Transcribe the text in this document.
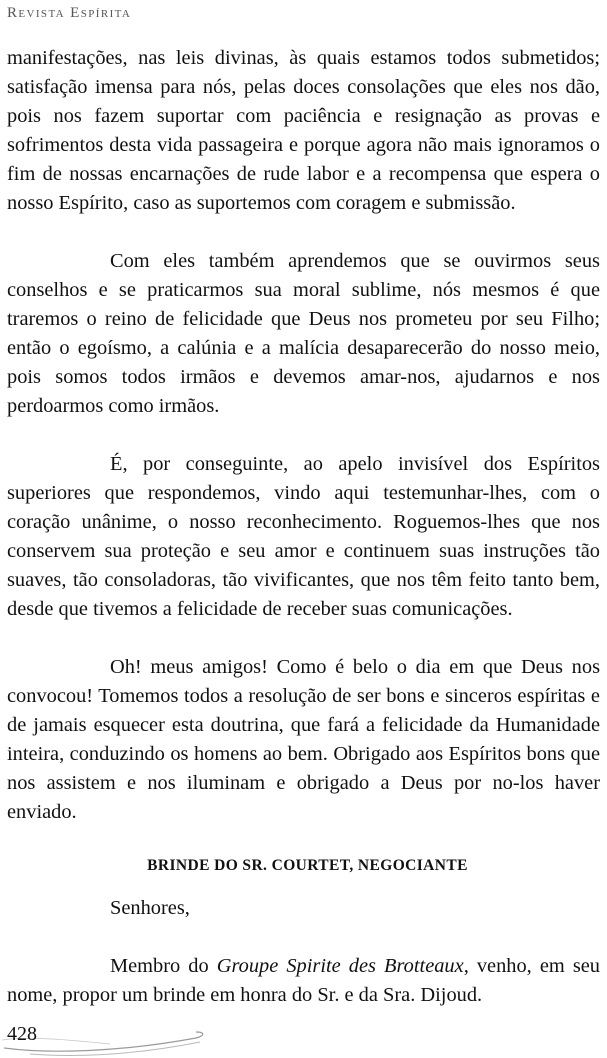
Revista Espírita

manifestações, nas leis divinas, às quais estamos todos submetidos; satisfação imensa para nós, pelas doces consolações que eles nos dão, pois nos fazem suportar com paciência e resignação as provas e sofrimentos desta vida passageira e porque agora não mais ignoramos o fim de nossas encarnações de rude labor e a recompensa que espera o nosso Espírito, caso as suportemos com coragem e submissão.

Com eles também aprendemos que se ouvirmos seus conselhos e se praticarmos sua moral sublime, nós mesmos é que traremos o reino de felicidade que Deus nos prometeu por seu Filho; então o egoísmo, a calúnia e a malícia desaparecerão do nosso meio, pois somos todos irmãos e devemos amar-nos, ajudarnos e nos perdoarmos como irmãos.

É, por conseguinte, ao apelo invisível dos Espíritos superiores que respondemos, vindo aqui testemunhar-lhes, com o coração unânime, o nosso reconhecimento. Roguemos-lhes que nos conservem sua proteção e seu amor e continuem suas instruções tão suaves, tão consoladoras, tão vivificantes, que nos têm feito tanto bem, desde que tivemos a felicidade de receber suas comunicações.

Oh! meus amigos! Como é belo o dia em que Deus nos convocou! Tomemos todos a resolução de ser bons e sinceros espíritas e de jamais esquecer esta doutrina, que fará a felicidade da Humanidade inteira, conduzindo os homens ao bem. Obrigado aos Espíritos bons que nos assistem e nos iluminam e obrigado a Deus por no-los haver enviado.

BRINDE DO SR. COURTET, NEGOCIANTE

Senhores,

Membro do Groupe Spirite des Brotteaux, venho, em seu nome, propor um brinde em honra do Sr. e da Sra. Dijoud.

428
